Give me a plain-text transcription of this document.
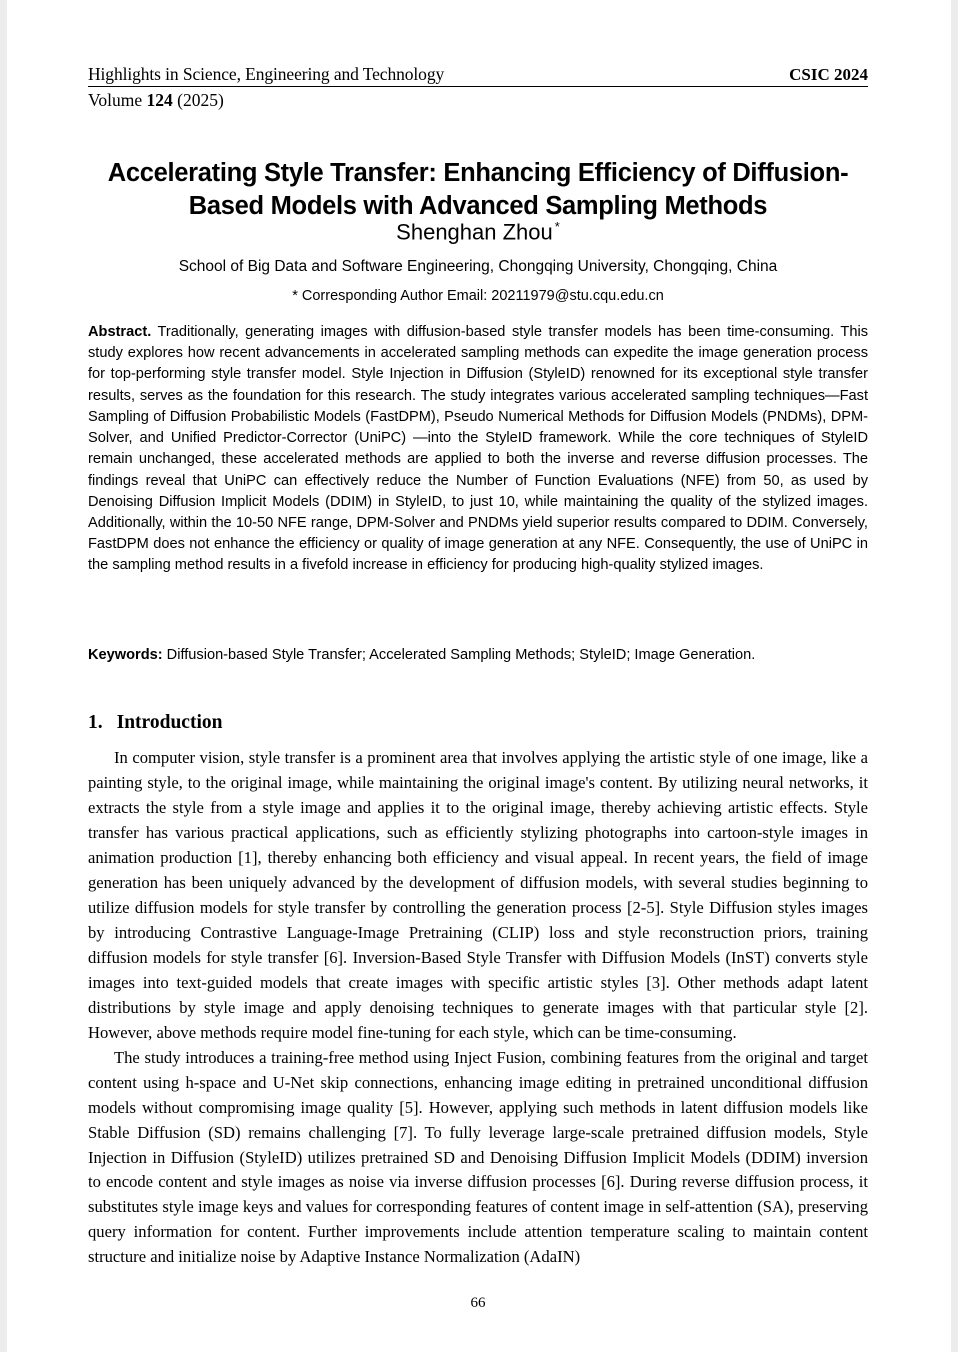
Highlights in Science, Engineering and Technology	CSIC 2024
Volume 124 (2025)
Accelerating Style Transfer: Enhancing Efficiency of Diffusion-Based Models with Advanced Sampling Methods
Shenghan Zhou *
School of Big Data and Software Engineering, Chongqing University, Chongqing, China
* Corresponding Author Email: 20211979@stu.cqu.edu.cn
Abstract. Traditionally, generating images with diffusion-based style transfer models has been time-consuming. This study explores how recent advancements in accelerated sampling methods can expedite the image generation process for top-performing style transfer model. Style Injection in Diffusion (StyleID) renowned for its exceptional style transfer results, serves as the foundation for this research. The study integrates various accelerated sampling techniques—Fast Sampling of Diffusion Probabilistic Models (FastDPM), Pseudo Numerical Methods for Diffusion Models (PNDMs), DPM-Solver, and Unified Predictor-Corrector (UniPC) —into the StyleID framework. While the core techniques of StyleID remain unchanged, these accelerated methods are applied to both the inverse and reverse diffusion processes. The findings reveal that UniPC can effectively reduce the Number of Function Evaluations (NFE) from 50, as used by Denoising Diffusion Implicit Models (DDIM) in StyleID, to just 10, while maintaining the quality of the stylized images. Additionally, within the 10-50 NFE range, DPM-Solver and PNDMs yield superior results compared to DDIM. Conversely, FastDPM does not enhance the efficiency or quality of image generation at any NFE. Consequently, the use of UniPC in the sampling method results in a fivefold increase in efficiency for producing high-quality stylized images.
Keywords: Diffusion-based Style Transfer; Accelerated Sampling Methods; StyleID; Image Generation.
1. Introduction

In computer vision, style transfer is a prominent area that involves applying the artistic style of one image, like a painting style, to the original image, while maintaining the original image's content. By utilizing neural networks, it extracts the style from a style image and applies it to the original image, thereby achieving artistic effects. Style transfer has various practical applications, such as efficiently stylizing photographs into cartoon-style images in animation production [1], thereby enhancing both efficiency and visual appeal. In recent years, the field of image generation has been uniquely advanced by the development of diffusion models, with several studies beginning to utilize diffusion models for style transfer by controlling the generation process [2-5]. Style Diffusion styles images by introducing Contrastive Language-Image Pretraining (CLIP) loss and style reconstruction priors, training diffusion models for style transfer [6]. Inversion-Based Style Transfer with Diffusion Models (InST) converts style images into text-guided models that create images with specific artistic styles [3]. Other methods adapt latent distributions by style image and apply denoising techniques to generate images with that particular style [2]. However, above methods require model fine-tuning for each style, which can be time-consuming.

The study introduces a training-free method using Inject Fusion, combining features from the original and target content using h-space and U-Net skip connections, enhancing image editing in pretrained unconditional diffusion models without compromising image quality [5]. However, applying such methods in latent diffusion models like Stable Diffusion (SD) remains challenging [7]. To fully leverage large-scale pretrained diffusion models, Style Injection in Diffusion (StyleID) utilizes pretrained SD and Denoising Diffusion Implicit Models (DDIM) inversion to encode content and style images as noise via inverse diffusion processes [6]. During reverse diffusion process, it substitutes style image keys and values for corresponding features of content image in self-attention (SA), preserving query information for content. Further improvements include attention temperature scaling to maintain content structure and initialize noise by Adaptive Instance Normalization (AdaIN)

66
